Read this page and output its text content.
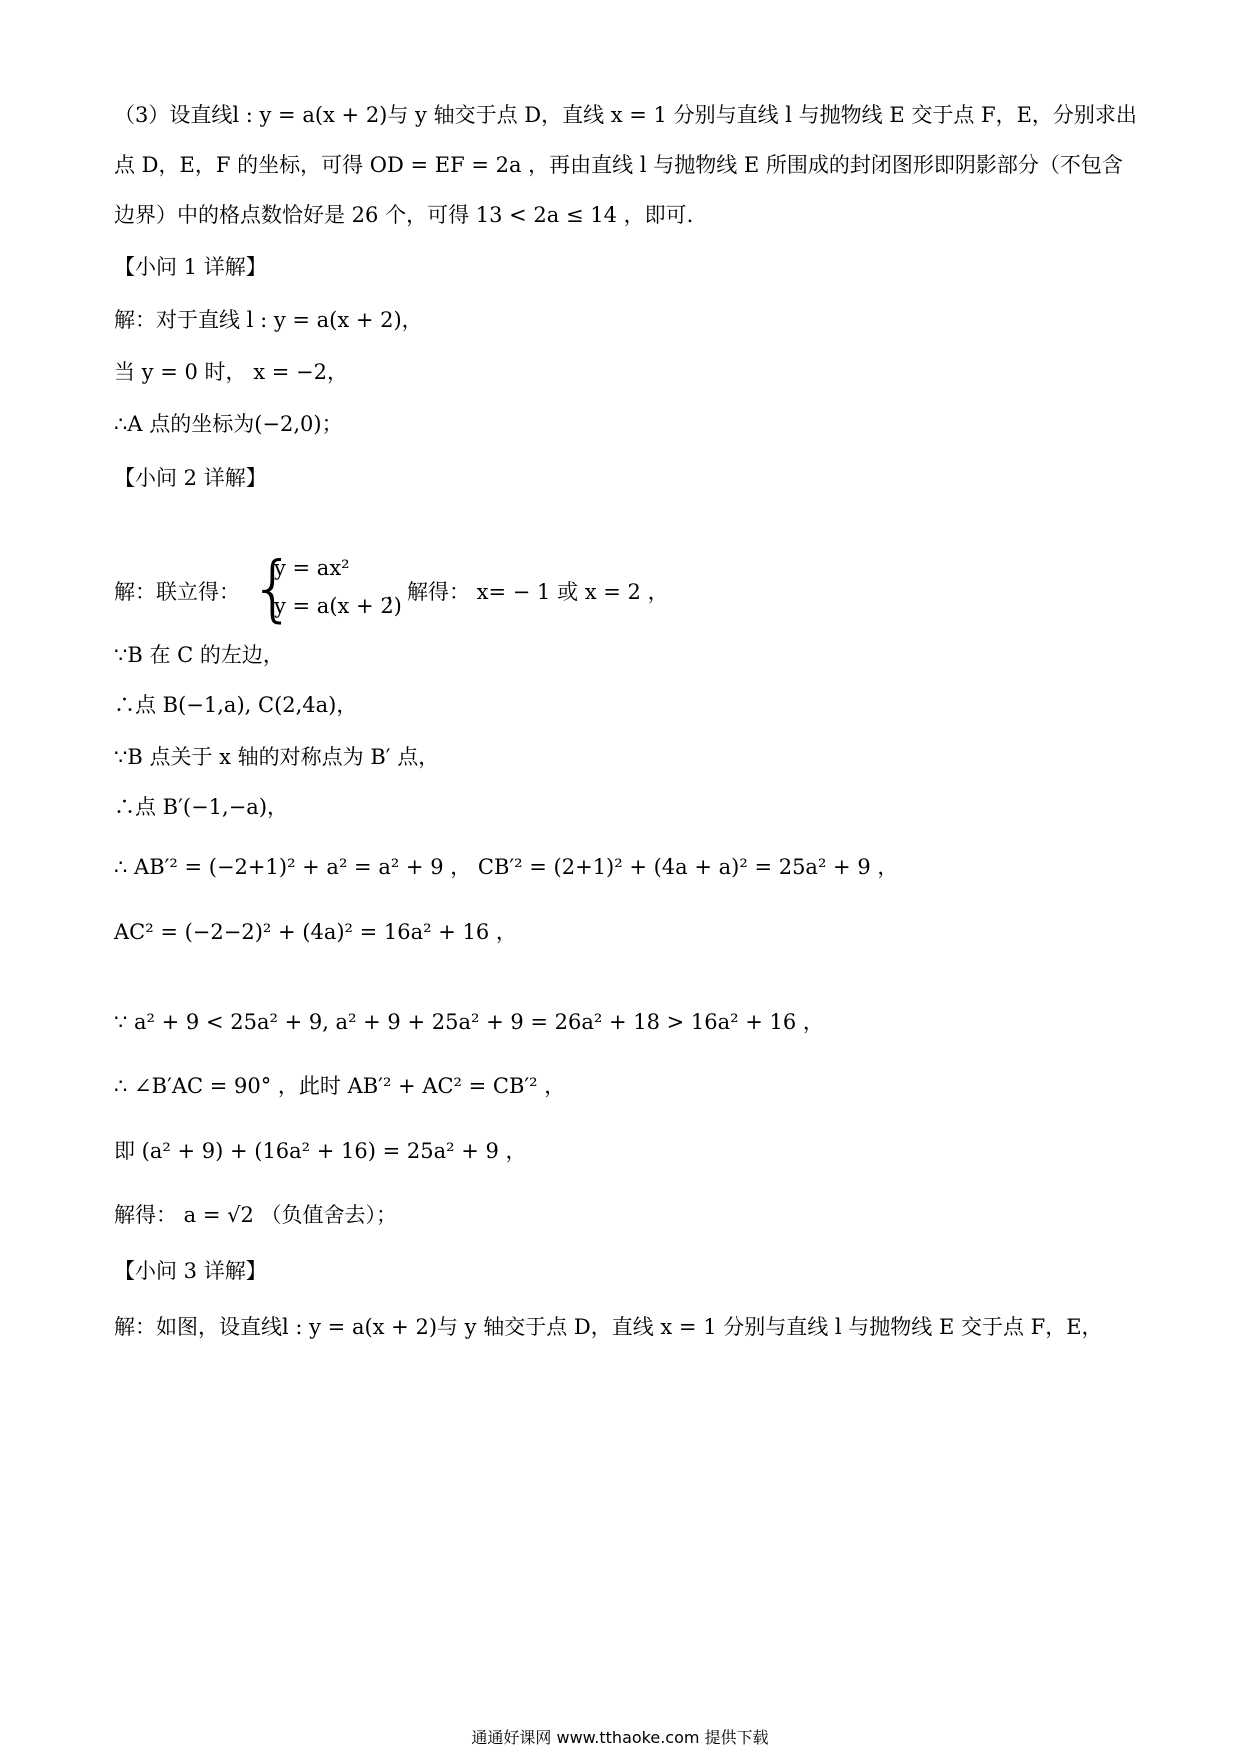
（3）设直线l : y = a(x + 2)与 y 轴交于点 D，直线 x = 1 分别与直线 l 与抛物线 E 交于点 F，E，分别求出
点 D，E，F 的坐标，可得 OD = EF = 2a ，再由直线 l 与抛物线 E 所围成的封闭图形即阴影部分（不包含
边界）中的格点数恰好是 26 个，可得 13 < 2a ≤ 14 ，即可.
【小问 1 详解】
解：对于直线 l : y = a(x + 2)，
当 y = 0 时， x = −2，
∴A 点的坐标为(−2,0)；
【小问 2 详解】
解：联立得： {
y = ax²
y = a(x + 2)
，解得： x= − 1 或 x = 2 ，
∵B 在 C 的左边，
∴点 B(−1,a), C(2,4a)，
∵B 点关于 x 轴的对称点为 B′ 点，
∴点 B′(−1,−a)，
∴ AB′² = (−2+1)² + a² = a² + 9 ， CB′² = (2+1)² + (4a + a)² = 25a² + 9 ，
AC² = (−2−2)² + (4a)² = 16a² + 16 ，
∵ a² + 9 < 25a² + 9, a² + 9 + 25a² + 9 = 26a² + 18 > 16a² + 16 ，
∴ ∠B′AC = 90° ，此时 AB′² + AC² = CB′² ，
即 (a² + 9) + (16a² + 16) = 25a² + 9 ，
解得： a = √2 （负值舍去）；
【小问 3 详解】
解：如图，设直线l : y = a(x + 2)与 y 轴交于点 D，直线 x = 1 分别与直线 l 与抛物线 E 交于点 F，E，
通通好课网 www.tthaoke.com 提供下载
